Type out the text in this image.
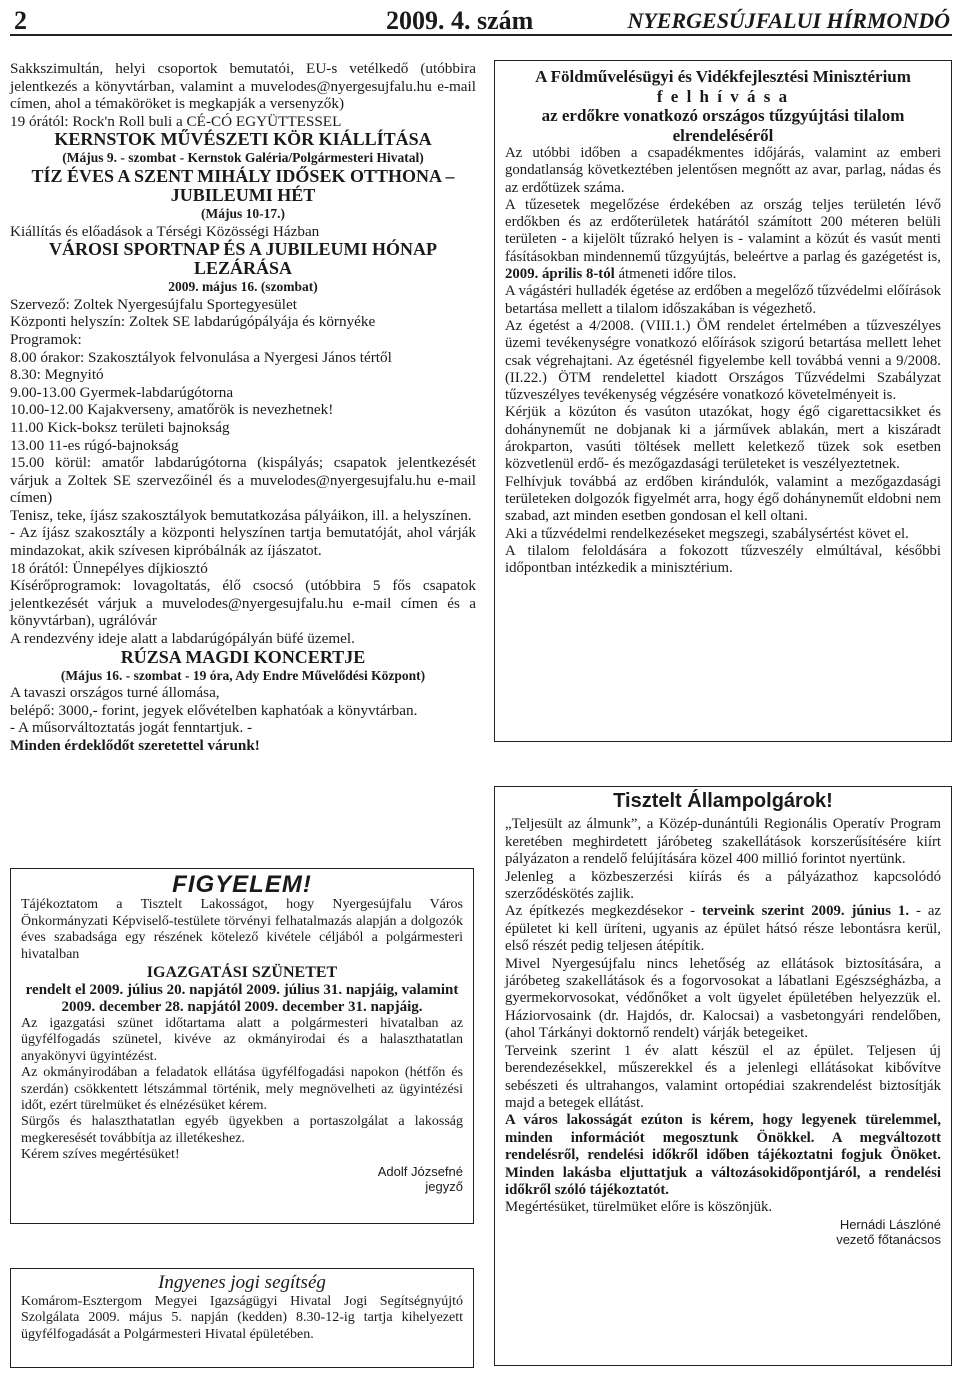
2	2009. 4. szám	NYERGESÚJFALUI HÍRMONDÓ

Sakkszimultán, helyi csoportok bemutatói, EU-s vetélkedő (utóbbira jelentkezés a könyvtárban, valamint a muvelodes@nyergesujfalu.hu e-mail címen, ahol a témaköröket is megkapják a versenyzők)

19 órától: Rock'n Roll buli a CÉ-CÓ EGYÜTTESSEL

KERNSTOK MŰVÉSZETI KÖR KIÁLLÍTÁSA

(Május 9. - szombat - Kernstok Galéria/Polgármesteri Hivatal)

TÍZ ÉVES A SZENT MIHÁLY IDŐSEK OTTHONA – JUBILEUMI HÉT

(Május 10-17.)

Kiállítás és előadások a Térségi Közösségi Házban

VÁROSI SPORTNAP ÉS A JUBILEUMI HÓNAP LEZÁRÁSA

2009. május 16. (szombat)

Szervező: Zoltek Nyergesújfalu Sportegyesület

Központi helyszín: Zoltek SE labdarúgópályája és környéke

Programok:

8.00 órakor: Szakosztályok felvonulása a Nyergesi János tértől

8.30: Megnyitó

9.00-13.00 Gyermek-labdarúgótorna

10.00-12.00 Kajakverseny, amatőrök is nevezhetnek!

11.00 Kick-boksz területi bajnokság

13.00 11-es rúgó-bajnokság

15.00 körül: amatőr labdarúgótorna (kispályás; csapatok jelentkezését várjuk a Zoltek SE szervezőinél és a muvelodes@nyergesujfalu.hu e-mail címen)

Tenisz, teke, íjász szakosztályok bemutatkozása pályáikon, ill. a helyszínen.

- Az íjász szakosztály a központi helyszínen tartja bemutatóját, ahol várják mindazokat, akik szívesen kipróbálnák az íjászatot.

18 órától: Ünnepélyes díjkiosztó

Kísérőprogramok: lovagoltatás, élő csocsó (utóbbira 5 fős csapatok jelentkezését várjuk a muvelodes@nyergesujfalu.hu e-mail címen és a könyvtárban), ugrálóvár

A rendezvény ideje alatt a labdarúgópályán büfé üzemel.

RÚZSA MAGDI KONCERTJE

(Május 16. - szombat - 19 óra, Ady Endre Művelődési Központ)

A tavaszi országos turné állomása,

belépő: 3000,- forint, jegyek elővételben kaphatóak a könyvtárban.

- A műsorváltoztatás jogát fenntartjuk. -

Minden érdeklődőt szeretettel várunk!

FIGYELEM!

Tájékoztatom a Tisztelt Lakosságot, hogy Nyergesújfalu Város Önkormányzati Képviselő-testülete törvényi felhatalmazás alapján a dolgozók éves szabadsága egy részének kötelező kivétele céljából a polgármesteri hivatalban

IGAZGATÁSI SZÜNETET

rendelt el 2009. július 20. napjától 2009. július 31. napjáig, valamint

2009. december 28. napjától 2009. december 31. napjáig.

Az igazgatási szünet időtartama alatt a polgármesteri hivatalban az ügyfélfogadás szünetel, kivéve az okmányirodai és a halaszthatatlan anyakönyvi ügyintézést.

Az okmányirodában a feladatok ellátása ügyfélfogadási napokon (hétfőn és szerdán) csökkentett létszámmal történik, mely megnövelheti az ügyintézési időt, ezért türelmüket és elnézésüket kérem.

Sürgős és halaszthatatlan egyéb ügyekben a portaszolgálat a lakosság megkeresését továbbítja az illetékeshez.

Kérem szíves megértésüket!

Adolf Józsefné

jegyző

Ingyenes jogi segítség

Komárom-Esztergom Megyei Igazságügyi Hivatal Jogi Segítségnyújtó Szolgálata 2009. május 5. napján (kedden) 8.30-12-ig tartja kihelyezett ügyfélfogadását a Polgármesteri Hivatal épületében.

A Földművelésügyi és Vidékfejlesztési Minisztérium

f e l h í v á s a

az erdőkre vonatkozó országos tűzgyújtási tilalom elrendeléséről

Az utóbbi időben a csapadékmentes időjárás, valamint az emberi gondatlanság következtében jelentősen megnőtt az avar, parlag, nádas és az erdőtüzek száma.

A tűzesetek megelőzése érdekében az ország teljes területén lévő erdőkben és az erdőterületek határától számított 200 méteren belüli területen - a kijelölt tűzrakó helyen is - valamint a közút és vasút menti fásításokban mindennemű tűzgyújtás, beleértve a parlag és gazégetést is, 2009. április 8-tól átmeneti időre tilos.

A vágástéri hulladék égetése az erdőben a megelőző tűzvédelmi előírások betartása mellett a tilalom időszakában is végezhető.

Az égetést a 4/2008. (VIII.1.) ÖM rendelet értelmében a tűzveszélyes üzemi tevékenységre vonatkozó előírások szigorú betartása mellett lehet csak végrehajtani. Az égetésnél figyelembe kell továbbá venni a 9/2008. (II.22.) ÖTM rendelettel kiadott Országos Tűzvédelmi Szabályzat tűzveszélyes tevékenység végzésére vonatkozó követelményeit is.

Kérjük a közúton és vasúton utazókat, hogy égő cigarettacsikket és dohányneműt ne dobjanak ki a járművek ablakán, mert a kiszáradt árokparton, vasúti töltések mellett keletkező tüzek sok esetben közvetlenül erdő- és mezőgazdasági területeket is veszélyeztetnek.

Felhívjuk továbbá az erdőben kirándulók, valamint a mezőgazdasági területeken dolgozók figyelmét arra, hogy égő dohányneműt eldobni nem szabad, azt minden esetben gondosan el kell oltani.

Aki a tűzvédelmi rendelkezéseket megszegi, szabálysértést követ el.

A tilalom feloldására a fokozott tűzveszély elmúltával, későbbi időpontban intézkedik a minisztérium.

Tisztelt Állampolgárok!

„Teljesült az álmunk”, a Közép-dunántúli Regionális Operatív Program keretében meghirdetett járóbeteg szakellátások korszerűsítésére kiírt pályázaton a rendelő felújítására közel 400 millió forintot nyertünk.

Jelenleg a közbeszerzési kiírás és a pályázathoz kapcsolódó szerződéskötés zajlik.

Az építkezés megkezdésekor - terveink szerint 2009. június 1. - az épületet ki kell üríteni, ugyanis az épület hátsó része lebontásra kerül, első részét pedig teljesen átépítik.

Mivel Nyergesújfalu nincs lehetőség az ellátások biztosítására, a járóbeteg szakellátások és a fogorvosokat a lábatlani Egészségházba, a gyermekorvosokat, védőnőket a volt ügyelet épületében helyezzük el. Háziorvosaink (dr. Hajdós, dr. Kalocsai) a vasbetongyári rendelőben, (ahol Tárkányi doktornő rendelt) várják betegeiket.

Terveink szerint 1 év alatt készül el az épület. Teljesen új berendezésekkel, műszerekkel és a jelenlegi ellátásokat kibővítve sebészeti és ultrahangos, valamint ortopédiai szakrendelést biztosítják majd a betegek ellátást.

A város lakosságát ezúton is kérem, hogy legyenek türelemmel, minden információt megosztunk Önökkel. A megváltozott rendelésről, rendelési időkről időben tájékoztatni fogjuk Önöket. Minden lakásba eljuttatjuk a változásokidőpontjáról, a rendelési időkről szóló tájékoztatót.

Megértésüket, türelmüket előre is köszönjük.

Hernádi Lászlóné

vezető főtanácsos
